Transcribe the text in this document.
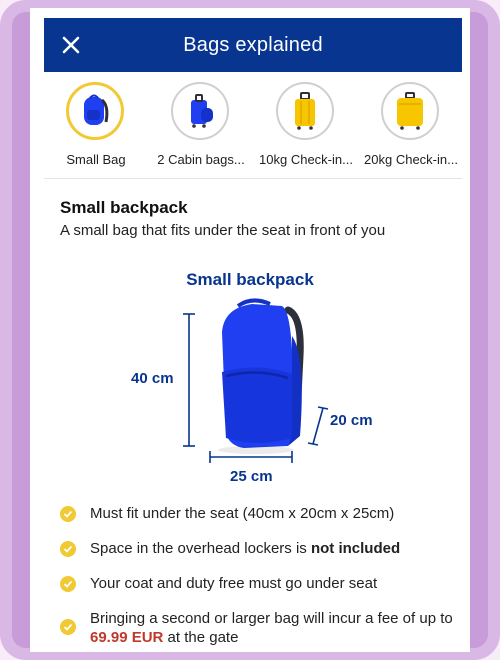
Bags explained
Small Bag	2 Cabin bags...	10kg Check-in... 20kg Check-in...
Small backpack
A small bag that fits under the seat in front of you
Small backpack
40 cm
20 cm
25 cm
Must fit under the seat (40cm x 20cm x 25cm)
Space in the overhead lockers is not included
Your coat and duty free must go under seat
Bringing a second or larger bag will incur a fee of up to 69.99 EUR at the gate
